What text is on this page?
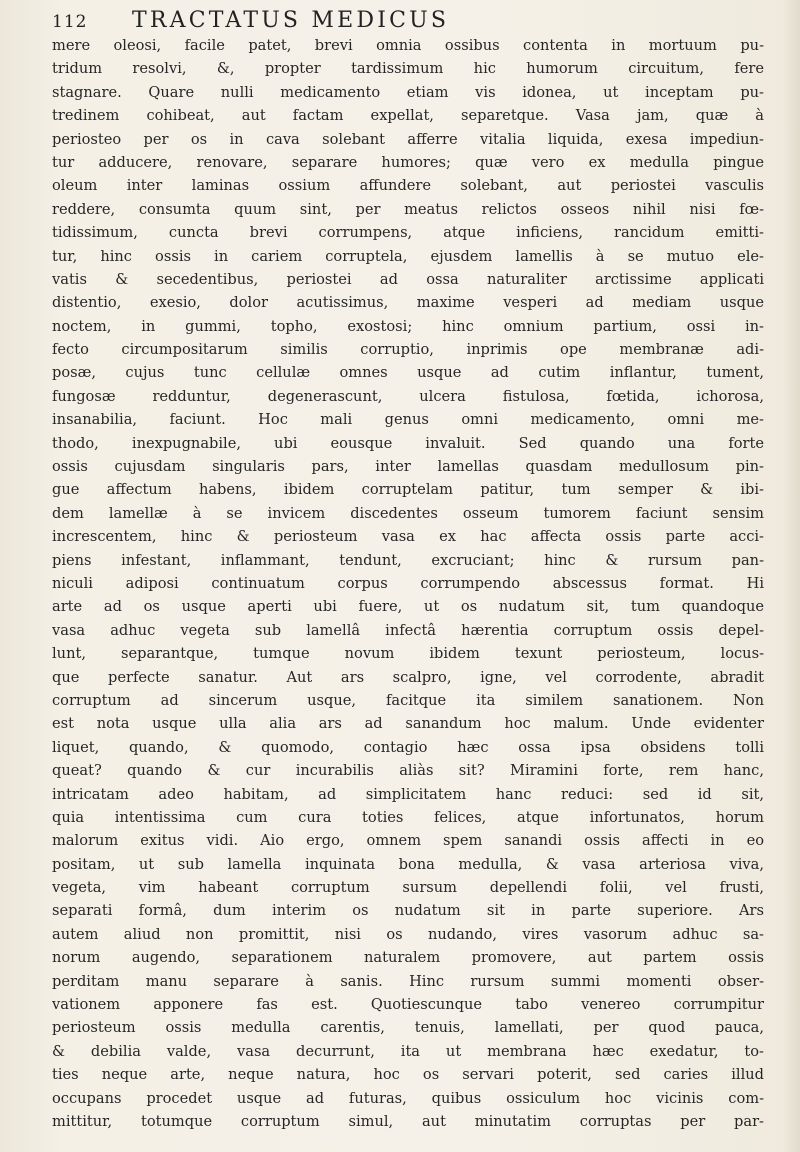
112 TRACTATUS MEDICUS
mere oleosi, facile patet, brevi omnia ossibus contenta in mortuum pu-
tridum resolvi, &, propter tardissimum hic humorum circuitum, fere
stagnare. Quare nulli medicamento etiam vis idonea, ut inceptam pu-
tredinem cohibeat, aut factam expellat, separetque. Vasa jam, quæ à
periosteo per os in cava solebant afferre vitalia liquida, exesa impediun-
tur adducere, renovare, separare humores; quæ vero ex medulla pingue
oleum inter laminas ossium affundere solebant, aut periostei vasculis
reddere, consumta quum sint, per meatus relictos osseos nihil nisi fœ-
tidissimum, cuncta brevi corrumpens, atque inficiens, rancidum emitti-
tur, hinc ossis in cariem corruptela, ejusdem lamellis à se mutuo ele-
vatis & secedentibus, periostei ad ossa naturaliter arctissime applicati
distentio, exesio, dolor acutissimus, maxime vesperi ad mediam usque
noctem, in gummi, topho, exostosi; hinc omnium partium, ossi in-
fecto circumpositarum similis corruptio, inprimis ope membranæ adi-
posæ, cujus tunc cellulæ omnes usque ad cutim inflantur, tument,
fungosæ redduntur, degenerascunt, ulcera fistulosa, fœtida, ichorosa,
insanabilia, faciunt. Hoc mali genus omni medicamento, omni me-
thodo, inexpugnabile, ubi eousque invaluit. Sed quando una forte
ossis cujusdam singularis pars, inter lamellas quasdam medullosum pin-
gue affectum habens, ibidem corruptelam patitur, tum semper & ibi-
dem lamellæ à se invicem discedentes osseum tumorem faciunt sensim
increscentem, hinc & periosteum vasa ex hac affecta ossis parte acci-
piens infestant, inflammant, tendunt, excruciant; hinc & rursum pan-
niculi adiposi continuatum corpus corrumpendo abscessus format. Hi
arte ad os usque aperti ubi fuere, ut os nudatum sit, tum quandoque
vasa adhuc vegeta sub lamellâ infectâ hærentia corruptum ossis depel-
lunt, separantque, tumque novum ibidem texunt periosteum, locus-
que perfecte sanatur. Aut ars scalpro, igne, vel corrodente, abradit
corruptum ad sincerum usque, facitque ita similem sanationem. Non
est nota usque ulla alia ars ad sanandum hoc malum. Unde evidenter
liquet, quando, & quomodo, contagio hæc ossa ipsa obsidens tolli
queat? quando & cur incurabilis aliàs sit? Miramini forte, rem hanc,
intricatam adeo habitam, ad simplicitatem hanc reduci: sed id sit,
quia intentissima cum cura toties felices, atque infortunatos, horum
malorum exitus vidi. Aio ergo, omnem spem sanandi ossis affecti in eo
positam, ut sub lamella inquinata bona medulla, & vasa arteriosa viva,
vegeta, vim habeant corruptum sursum depellendi folii, vel frusti,
separati formâ, dum interim os nudatum sit in parte superiore. Ars
autem aliud non promittit, nisi os nudando, vires vasorum adhuc sa-
norum augendo, separationem naturalem promovere, aut partem ossis
perditam manu separare à sanis. Hinc rursum summi momenti obser-
vationem apponere fas est. Quotiescunque tabo venereo corrumpitur
periosteum ossis medulla carentis, tenuis, lamellati, per quod pauca,
& debilia valde, vasa decurrunt, ita ut membrana hæc exedatur, to-
ties neque arte, neque natura, hoc os servari poterit, sed caries illud
occupans procedet usque ad futuras, quibus ossiculum hoc vicinis com-
mittitur, totumque corruptum simul, aut minutatim corruptas per par-
